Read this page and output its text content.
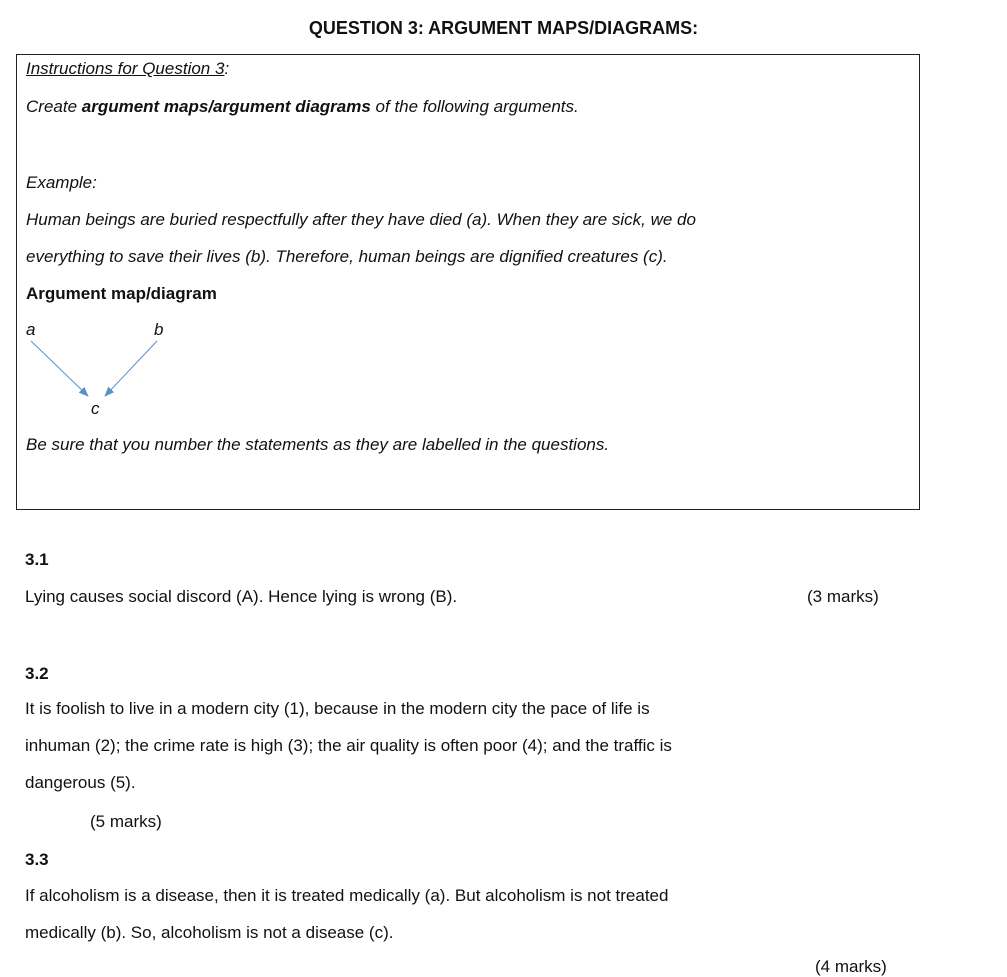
QUESTION 3: ARGUMENT MAPS/DIAGRAMS:
Instructions for Question 3:
Create argument maps/argument diagrams of the following arguments.
Example:
Human beings are buried respectfully after they have died (a). When they are sick, we do
everything to save their lives (b). Therefore, human beings are dignified creatures (c).
Argument map/diagram
a	b
c
Be sure that you number the statements as they are labelled in the questions.
3.1
Lying causes social discord (A). Hence lying is wrong (B).	(3 marks)
3.2
It is foolish to live in a modern city (1), because in the modern city the pace of life is
inhuman (2); the crime rate is high (3); the air quality is often poor (4); and the traffic is
dangerous (5).
(5 marks)
3.3
If alcoholism is a disease, then it is treated medically (a). But alcoholism is not treated
medically (b). So, alcoholism is not a disease (c).
(4 marks)
